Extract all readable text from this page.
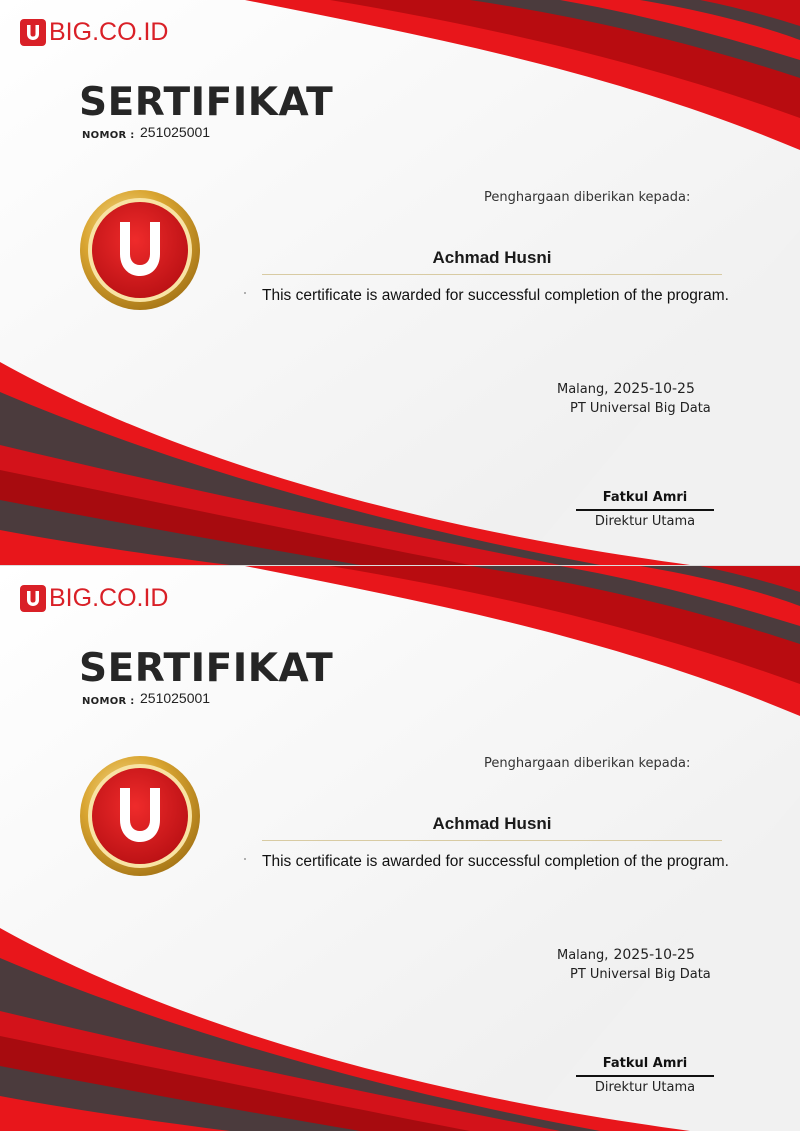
BIG.CO.ID
SERTIFIKAT
NOMOR : 251025001
Penghargaan diberikan kepada:
Achmad Husni
This certificate is awarded for successful completion of the program.
Malang, 2025-10-25
PT Universal Big Data
Fatkul Amri
Direktur Utama
BIG.CO.ID
SERTIFIKAT
NOMOR : 251025001
Penghargaan diberikan kepada:
Achmad Husni
This certificate is awarded for successful completion of the program.
Malang, 2025-10-25
PT Universal Big Data
Fatkul Amri
Direktur Utama
